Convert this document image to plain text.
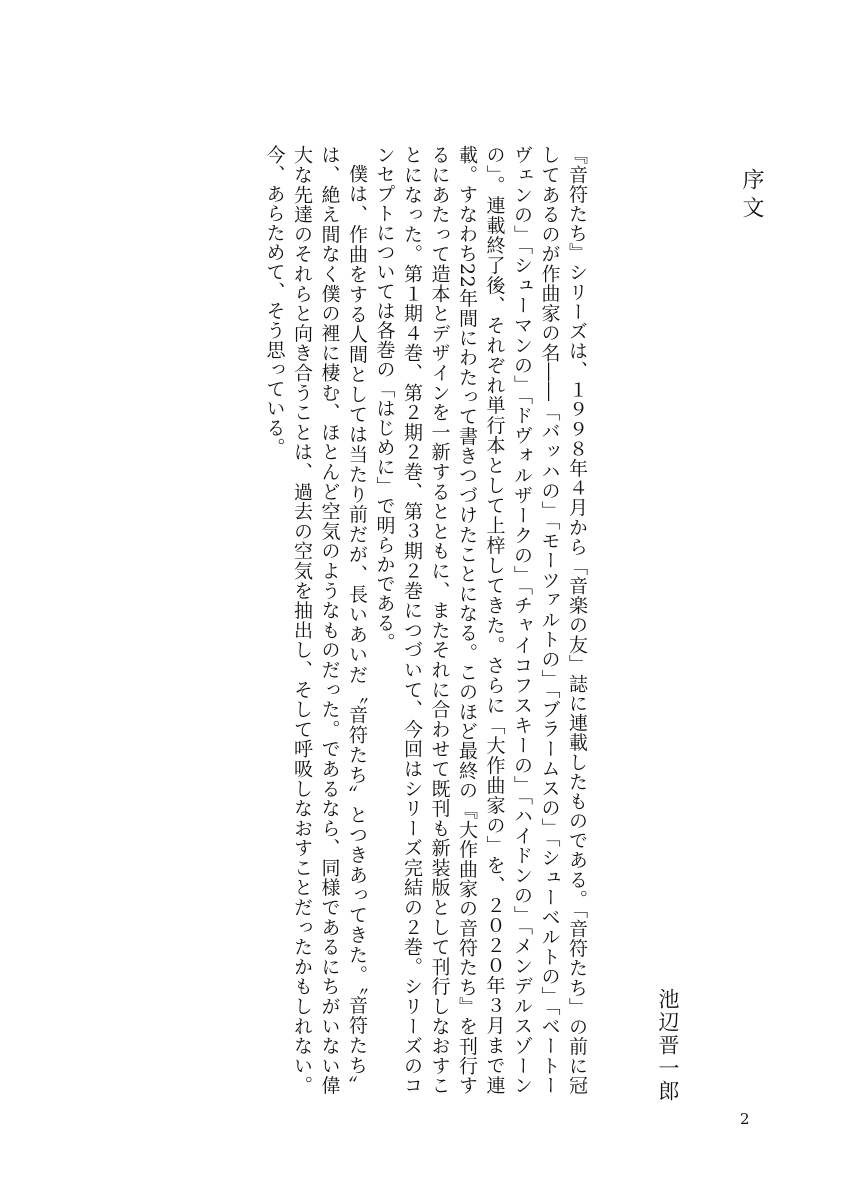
序文
池辺晋一郎

『音符たち』シリーズは、１９９８年４月から「音楽の友」誌に連載したものである。「音符たち」の前に冠してあるのが作曲家の名――「バッハの」「モーツァルトの」「ブラームスの」「シューベルトの」「ベートーヴェンの」「シューマンの」「ドヴォルザークの」「チャイコフスキーの」「ハイドンの」「メンデルスゾーンの」。連載終了後、それぞれ単行本として上梓してきた。さらに「大作曲家の」を、２０２０年３月まで連載。すなわち22年間にわたって書きつづけたことになる。このほど最終の『大作曲家の音符たち』を刊行するにあたって造本とデザインを一新するとともに、またそれに合わせて既刊も新装版として刊行しなおすことになった。第１期４巻、第２期２巻、第３期２巻につづいて、今回はシリーズ完結の２巻。シリーズのコンセプトについては各巻の「はじめに」で明らかである。

僕は、作曲をする人間としては当たり前だが、長いあいだ〝音符たち〟とつきあってきた。〝音符たち〟は、絶え間なく僕の裡に棲む、ほとんど空気のようなものだった。であるなら、同様であるにちがいない偉大な先達のそれらと向き合うことは、過去の空気を抽出し、そして呼吸しなおすことだったかもしれない。今、あらためて、そう思っている。

2
